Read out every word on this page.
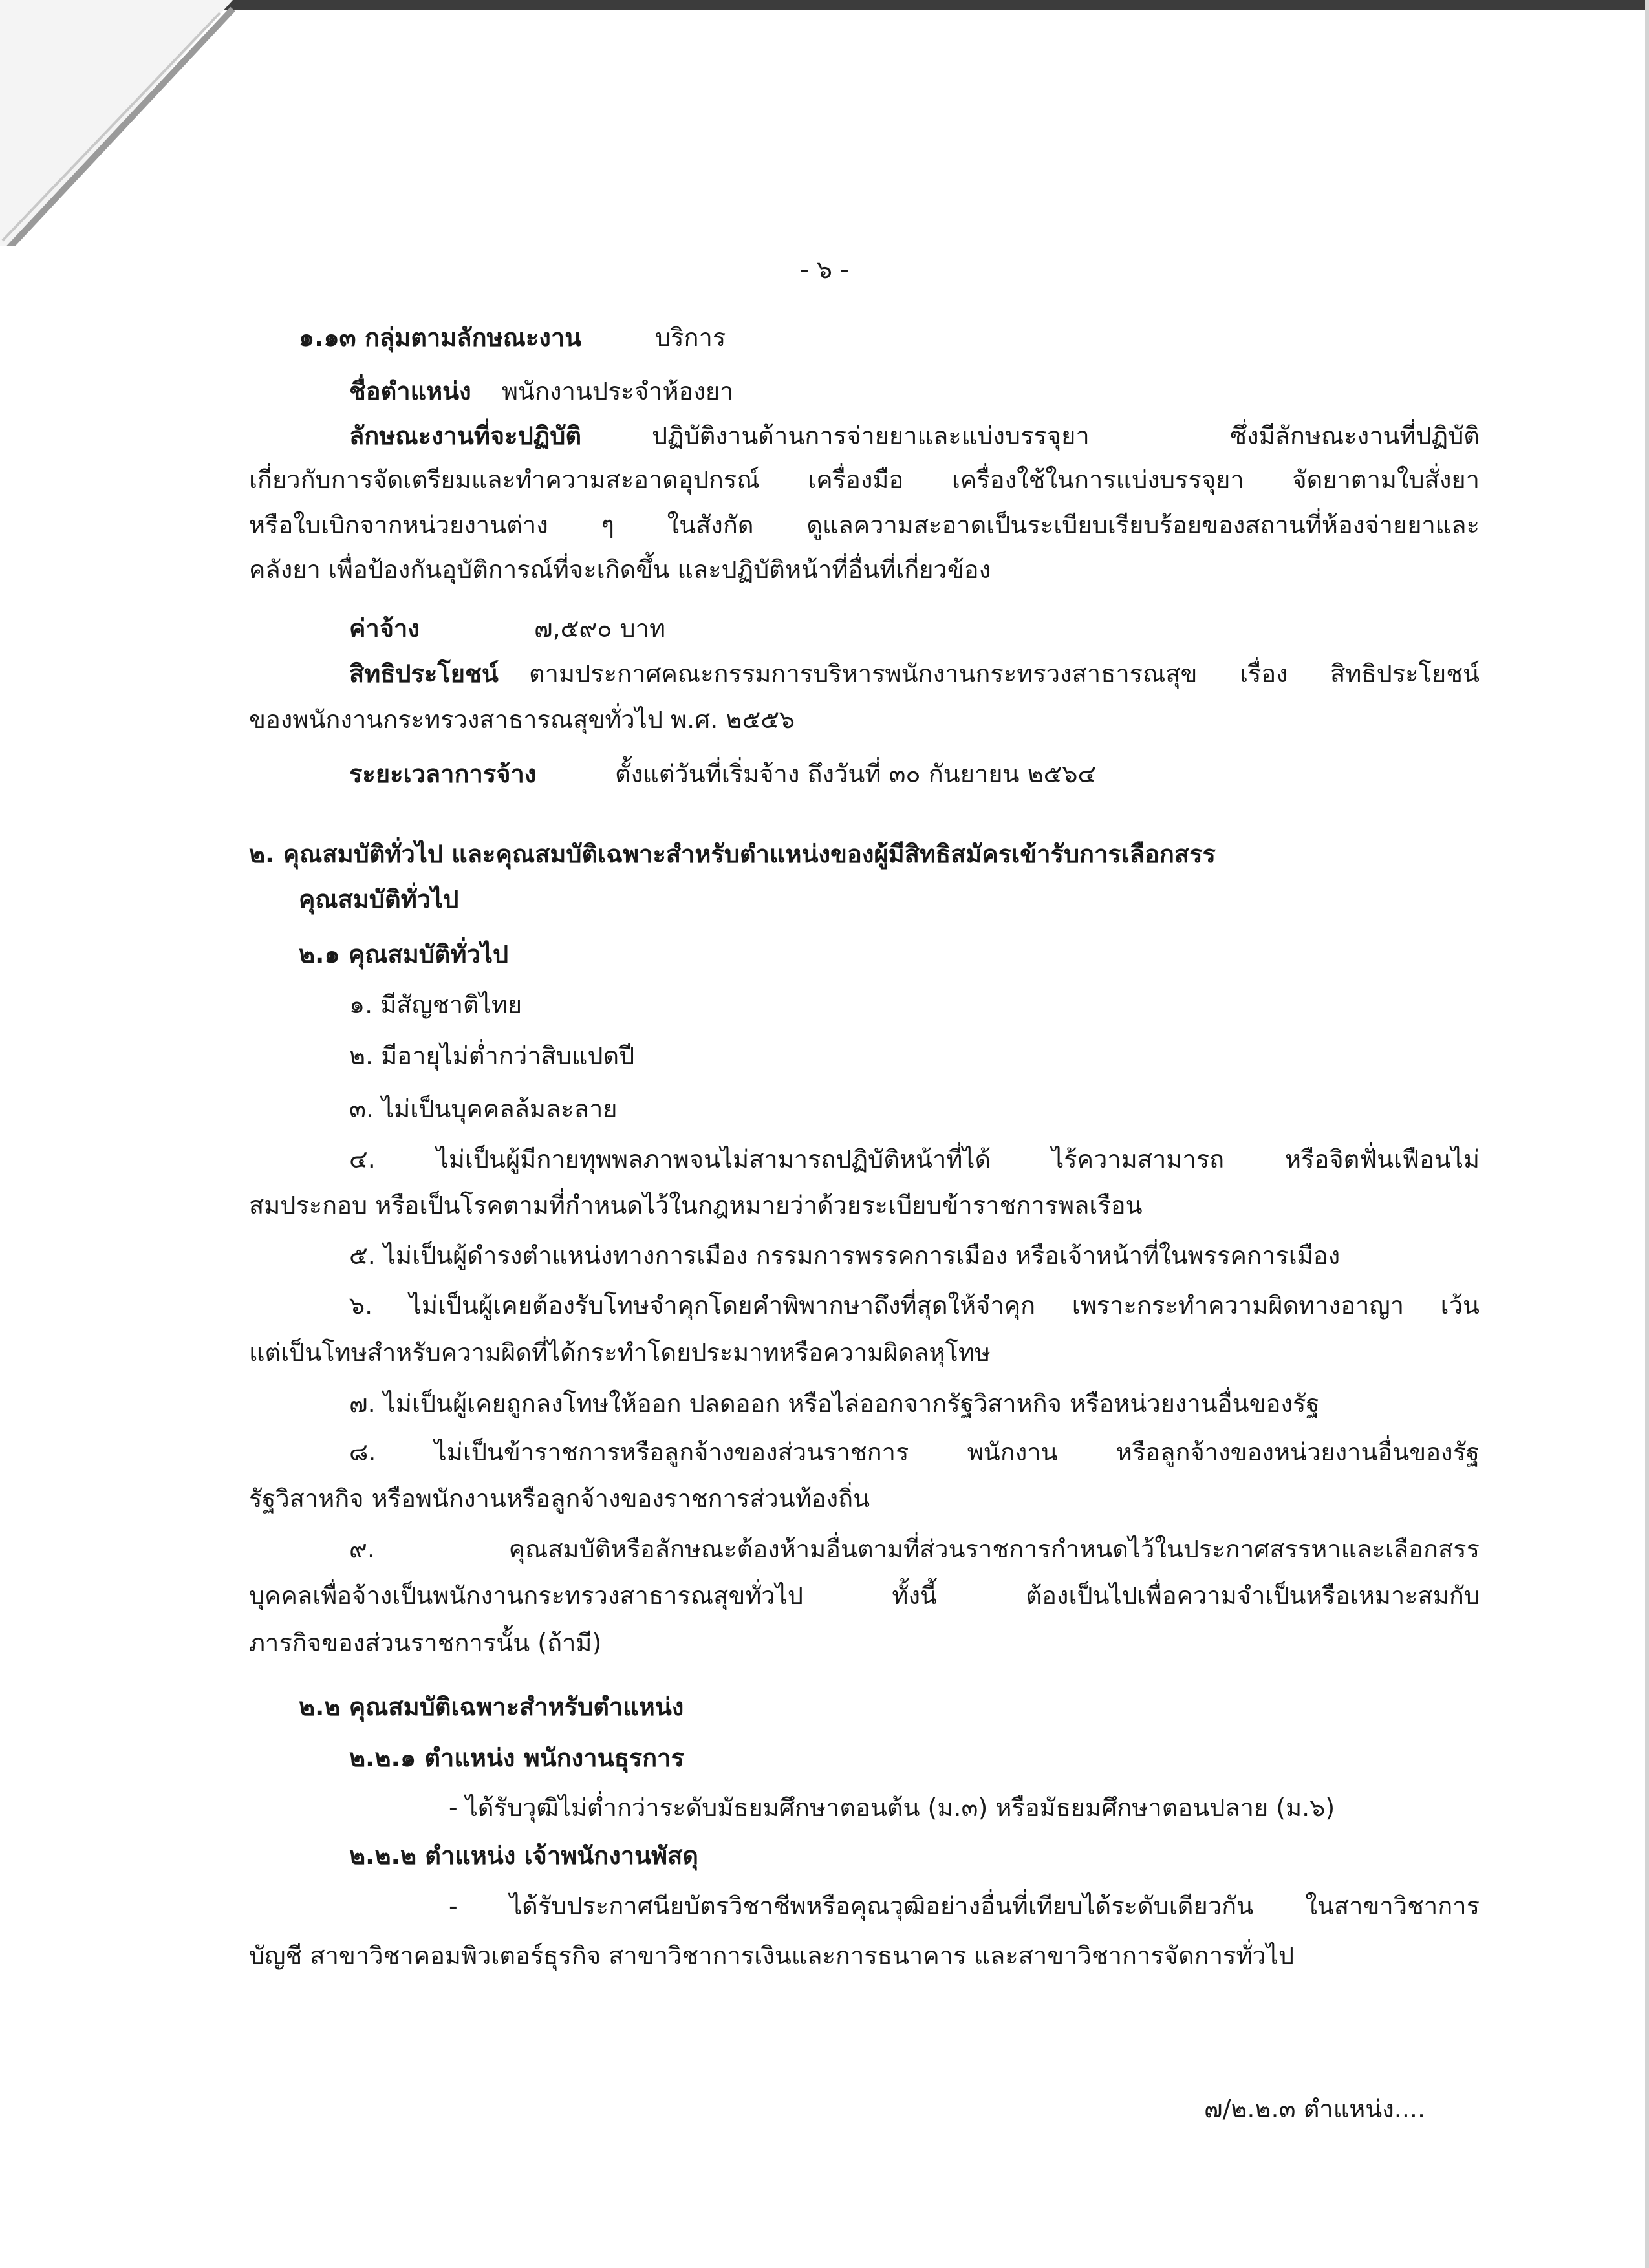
- ๖ -
๑.๑๓ กลุ่มตามลักษณะงาน	บริการ
ชื่อตำแหน่ง พนักงานประจำห้องยา
ลักษณะงานที่จะปฏิบัติ	ปฏิบัติงานด้านการจ่ายยาและแบ่งบรรจุยา ซึ่งมีลักษณะงานที่ปฏิบัติ
เกี่ยวกับการจัดเตรียมและทำความสะอาดอุปกรณ์ เครื่องมือ เครื่องใช้ในการแบ่งบรรจุยา จัดยาตามใบสั่งยา
หรือใบเบิกจากหน่วยงานต่าง ๆ ในสังกัด ดูแลความสะอาดเป็นระเบียบเรียบร้อยของสถานที่ห้องจ่ายยาและ
คลังยา เพื่อป้องกันอุบัติการณ์ที่จะเกิดขึ้น และปฏิบัติหน้าที่อื่นที่เกี่ยวข้อง
ค่าจ้าง	๗,๕๙๐ บาท
สิทธิประโยชน์ ตามประกาศคณะกรรมการบริหารพนักงานกระทรวงสาธารณสุข เรื่อง สิทธิประโยชน์
ของพนักงานกระทรวงสาธารณสุขทั่วไป พ.ศ. ๒๕๕๖
ระยะเวลาการจ้าง	ตั้งแต่วันที่เริ่มจ้าง ถึงวันที่ ๓๐ กันยายน ๒๕๖๔
๒. คุณสมบัติทั่วไป และคุณสมบัติเฉพาะสำหรับตำแหน่งของผู้มีสิทธิสมัครเข้ารับการเลือกสรร
คุณสมบัติทั่วไป
๒.๑ คุณสมบัติทั่วไป
๑. มีสัญชาติไทย
๒. มีอายุไม่ต่ำกว่าสิบแปดปี
๓. ไม่เป็นบุคคลล้มละลาย
๔. ไม่เป็นผู้มีกายทุพพลภาพจนไม่สามารถปฏิบัติหน้าที่ได้ ไร้ความสามารถ หรือจิตฟั่นเฟือนไม่
สมประกอบ หรือเป็นโรคตามที่กำหนดไว้ในกฎหมายว่าด้วยระเบียบข้าราชการพลเรือน
๕. ไม่เป็นผู้ดำรงตำแหน่งทางการเมือง กรรมการพรรคการเมือง หรือเจ้าหน้าที่ในพรรคการเมือง
๖. ไม่เป็นผู้เคยต้องรับโทษจำคุกโดยคำพิพากษาถึงที่สุดให้จำคุก เพราะกระทำความผิดทางอาญา เว้น
แต่เป็นโทษสำหรับความผิดที่ได้กระทำโดยประมาทหรือความผิดลหุโทษ
๗. ไม่เป็นผู้เคยถูกลงโทษให้ออก ปลดออก หรือไล่ออกจากรัฐวิสาหกิจ หรือหน่วยงานอื่นของรัฐ
๘. ไม่เป็นข้าราชการหรือลูกจ้างของส่วนราชการ พนักงาน หรือลูกจ้างของหน่วยงานอื่นของรัฐ
รัฐวิสาหกิจ หรือพนักงานหรือลูกจ้างของราชการส่วนท้องถิ่น
๙. คุณสมบัติหรือลักษณะต้องห้ามอื่นตามที่ส่วนราชการกำหนดไว้ในประกาศสรรหาและเลือกสรร
บุคคลเพื่อจ้างเป็นพนักงานกระทรวงสาธารณสุขทั่วไป ทั้งนี้ ต้องเป็นไปเพื่อความจำเป็นหรือเหมาะสมกับ
ภารกิจของส่วนราชการนั้น (ถ้ามี)
๒.๒ คุณสมบัติเฉพาะสำหรับตำแหน่ง
๒.๒.๑ ตำแหน่ง พนักงานธุรการ
- ได้รับวุฒิไม่ต่ำกว่าระดับมัธยมศึกษาตอนต้น (ม.๓) หรือมัธยมศึกษาตอนปลาย (ม.๖)
๒.๒.๒ ตำแหน่ง เจ้าพนักงานพัสดุ
- ได้รับประกาศนียบัตรวิชาชีพหรือคุณวุฒิอย่างอื่นที่เทียบได้ระดับเดียวกัน ในสาขาวิชาการ
บัญชี สาขาวิชาคอมพิวเตอร์ธุรกิจ สาขาวิชาการเงินและการธนาคาร และสาขาวิชาการจัดการทั่วไป
๗/๒.๒.๓ ตำแหน่ง....
